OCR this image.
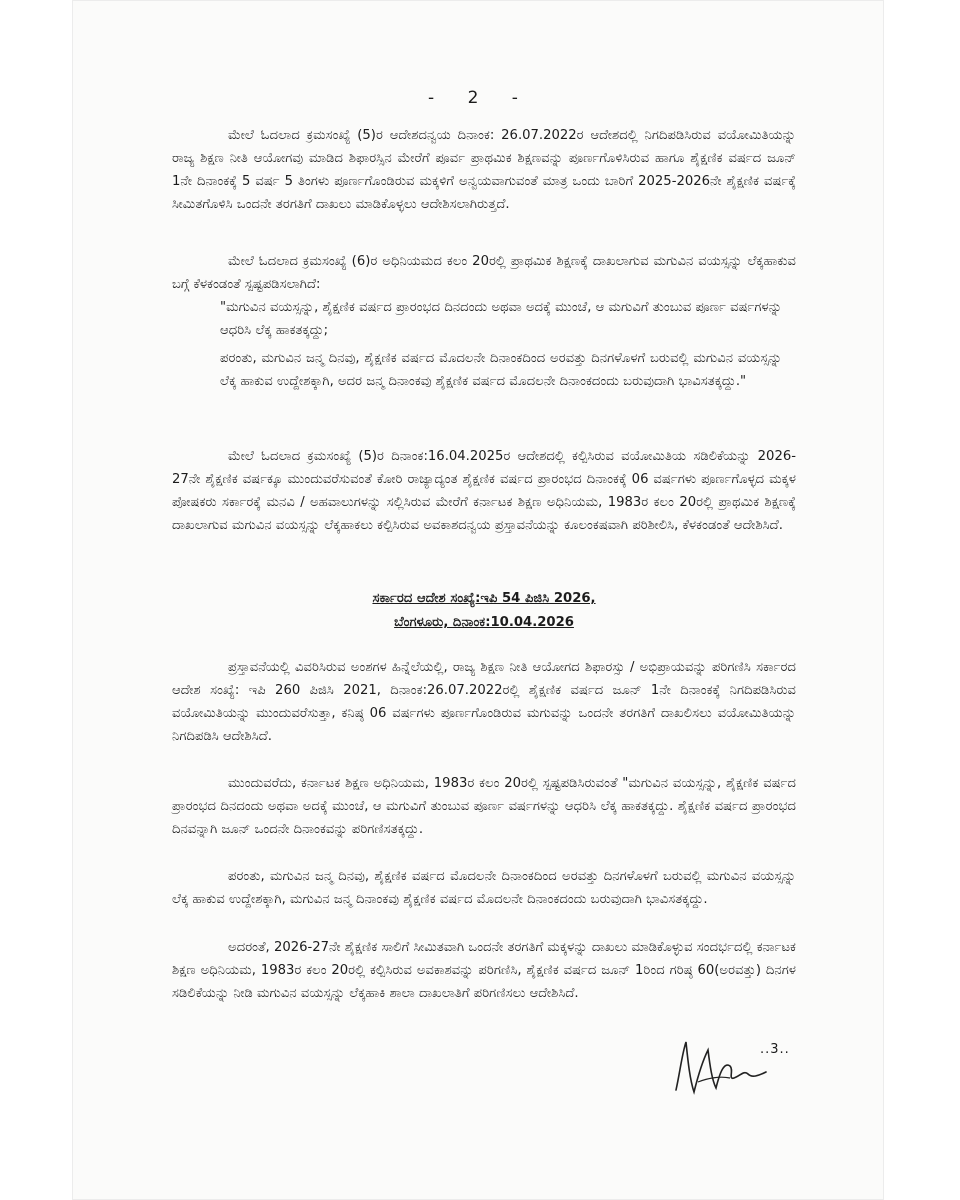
- 2 -

ಮೇಲೆ ಓದಲಾದ ಕ್ರಮಸಂಖ್ಯೆ (5)ರ ಆದೇಶದನ್ವಯ ದಿನಾಂಕ: 26.07.2022ರ ಆದೇಶದಲ್ಲಿ ನಿಗದಿಪಡಿಸಿರುವ ವಯೋಮಿತಿಯನ್ನು ರಾಜ್ಯ ಶಿಕ್ಷಣ ನೀತಿ ಆಯೋಗವು ಮಾಡಿದ ಶಿಫಾರಸ್ಸಿನ ಮೇರೆಗೆ ಪೂರ್ವ ಪ್ರಾಥಮಿಕ ಶಿಕ್ಷಣವನ್ನು ಪೂರ್ಣಗೊಳಿಸಿರುವ ಹಾಗೂ ಶೈಕ್ಷಣಿಕ ವರ್ಷದ ಜೂನ್ 1ನೇ ದಿನಾಂಕಕ್ಕೆ 5 ವರ್ಷ 5 ತಿಂಗಳು ಪೂರ್ಣಗೊಂಡಿರುವ ಮಕ್ಕಳಿಗೆ ಅನ್ವಯವಾಗುವಂತೆ ಮಾತ್ರ ಒಂದು ಬಾರಿಗೆ 2025-2026ನೇ ಶೈಕ್ಷಣಿಕ ವರ್ಷಕ್ಕೆ ಸೀಮಿತಗೊಳಿಸಿ ಒಂದನೇ ತರಗತಿಗೆ ದಾಖಲು ಮಾಡಿಕೊಳ್ಳಲು ಆದೇಶಿಸಲಾಗಿರುತ್ತದೆ.

ಮೇಲೆ ಓದಲಾದ ಕ್ರಮಸಂಖ್ಯೆ (6)ರ ಅಧಿನಿಯಮದ ಕಲಂ 20ರಲ್ಲಿ ಪ್ರಾಥಮಿಕ ಶಿಕ್ಷಣಕ್ಕೆ ದಾಖಲಾಗುವ ಮಗುವಿನ ವಯಸ್ಸನ್ನು ಲೆಕ್ಕಹಾಕುವ ಬಗ್ಗೆ ಕೆಳಕಂಡಂತೆ ಸ್ಪಷ್ಟಪಡಿಸಲಾಗಿದೆ:

"ಮಗುವಿನ ವಯಸ್ಸನ್ನು, ಶೈಕ್ಷಣಿಕ ವರ್ಷದ ಪ್ರಾರಂಭದ ದಿನದಂದು ಅಥವಾ ಅದಕ್ಕೆ ಮುಂಚೆ, ಆ ಮಗುವಿಗೆ ತುಂಬುವ ಪೂರ್ಣ ವರ್ಷಗಳನ್ನು ಆಧರಿಸಿ ಲೆಕ್ಕ ಹಾಕತಕ್ಕದ್ದು;

ಪರಂತು, ಮಗುವಿನ ಜನ್ಮ ದಿನವು, ಶೈಕ್ಷಣಿಕ ವರ್ಷದ ಮೊದಲನೇ ದಿನಾಂಕದಿಂದ ಅರವತ್ತು ದಿನಗಳೊಳಗೆ ಬರುವಲ್ಲಿ ಮಗುವಿನ ವಯಸ್ಸನ್ನು ಲೆಕ್ಕ ಹಾಕುವ ಉದ್ದೇಶಕ್ಕಾಗಿ, ಅದರ ಜನ್ಮ ದಿನಾಂಕವು ಶೈಕ್ಷಣಿಕ ವರ್ಷದ ಮೊದಲನೇ ದಿನಾಂಕದಂದು ಬರುವುದಾಗಿ ಭಾವಿಸತಕ್ಕದ್ದು."

ಮೇಲೆ ಓದಲಾದ ಕ್ರಮಸಂಖ್ಯೆ (5)ರ ದಿನಾಂಕ:16.04.2025ರ ಆದೇಶದಲ್ಲಿ ಕಲ್ಪಿಸಿರುವ ವಯೋಮಿತಿಯ ಸಡಿಲಿಕೆಯನ್ನು 2026-27ನೇ ಶೈಕ್ಷಣಿಕ ವರ್ಷಕ್ಕೂ ಮುಂದುವರೆಸುವಂತೆ ಕೋರಿ ರಾಜ್ಯಾದ್ಯಂತ ಶೈಕ್ಷಣಿಕ ವರ್ಷದ ಪ್ರಾರಂಭದ ದಿನಾಂಕಕ್ಕೆ 06 ವರ್ಷಗಳು ಪೂರ್ಣಗೊಳ್ಳದ ಮಕ್ಕಳ ಪೋಷಕರು ಸರ್ಕಾರಕ್ಕೆ ಮನವಿ / ಅಹವಾಲುಗಳನ್ನು ಸಲ್ಲಿಸಿರುವ ಮೇರೆಗೆ ಕರ್ನಾಟಕ ಶಿಕ್ಷಣ ಅಧಿನಿಯಮ, 1983ರ ಕಲಂ 20ರಲ್ಲಿ ಪ್ರಾಥಮಿಕ ಶಿಕ್ಷಣಕ್ಕೆ ದಾಖಲಾಗುವ ಮಗುವಿನ ವಯಸ್ಸನ್ನು ಲೆಕ್ಕಹಾಕಲು ಕಲ್ಪಿಸಿರುವ ಅವಕಾಶದನ್ವಯ ಪ್ರಸ್ತಾವನೆಯನ್ನು ಕೂಲಂಕಷವಾಗಿ ಪರಿಶೀಲಿಸಿ, ಕೆಳಕಂಡಂತೆ ಆದೇಶಿಸಿದೆ.

ಸರ್ಕಾರದ ಆದೇಶ ಸಂಖ್ಯೆ:ಇಪಿ 54 ಪಿಜಿಸಿ 2026,
ಬೆಂಗಳೂರು, ದಿನಾಂಕ:10.04.2026

ಪ್ರಸ್ತಾವನೆಯಲ್ಲಿ ವಿವರಿಸಿರುವ ಅಂಶಗಳ ಹಿನ್ನೆಲೆಯಲ್ಲಿ, ರಾಜ್ಯ ಶಿಕ್ಷಣ ನೀತಿ ಆಯೋಗದ ಶಿಫಾರಸ್ಸು / ಅಭಿಪ್ರಾಯವನ್ನು ಪರಿಗಣಿಸಿ ಸರ್ಕಾರದ ಆದೇಶ ಸಂಖ್ಯೆ: ಇಪಿ 260 ಪಿಜಿಸಿ 2021, ದಿನಾಂಕ:26.07.2022ರಲ್ಲಿ ಶೈಕ್ಷಣಿಕ ವರ್ಷದ ಜೂನ್ 1ನೇ ದಿನಾಂಕಕ್ಕೆ ನಿಗದಿಪಡಿಸಿರುವ ವಯೋಮಿತಿಯನ್ನು ಮುಂದುವರೆಸುತ್ತಾ, ಕನಿಷ್ಠ 06 ವರ್ಷಗಳು ಪೂರ್ಣಗೊಂಡಿರುವ ಮಗುವನ್ನು ಒಂದನೇ ತರಗತಿಗೆ ದಾಖಲಿಸಲು ವಯೋಮಿತಿಯನ್ನು ನಿಗದಿಪಡಿಸಿ ಆದೇಶಿಸಿದೆ.

ಮುಂದುವರೆದು, ಕರ್ನಾಟಕ ಶಿಕ್ಷಣ ಅಧಿನಿಯಮ, 1983ರ ಕಲಂ 20ರಲ್ಲಿ ಸ್ಪಷ್ಟಪಡಿಸಿರುವಂತೆ "ಮಗುವಿನ ವಯಸ್ಸನ್ನು, ಶೈಕ್ಷಣಿಕ ವರ್ಷದ ಪ್ರಾರಂಭದ ದಿನದಂದು ಅಥವಾ ಅದಕ್ಕೆ ಮುಂಚೆ, ಆ ಮಗುವಿಗೆ ತುಂಬುವ ಪೂರ್ಣ ವರ್ಷಗಳನ್ನು ಆಧರಿಸಿ ಲೆಕ್ಕ ಹಾಕತಕ್ಕದ್ದು. ಶೈಕ್ಷಣಿಕ ವರ್ಷದ ಪ್ರಾರಂಭದ ದಿನವನ್ನಾಗಿ ಜೂನ್ ಒಂದನೇ ದಿನಾಂಕವನ್ನು ಪರಿಗಣಿಸತಕ್ಕದ್ದು.

ಪರಂತು, ಮಗುವಿನ ಜನ್ಮ ದಿನವು, ಶೈಕ್ಷಣಿಕ ವರ್ಷದ ಮೊದಲನೇ ದಿನಾಂಕದಿಂದ ಅರವತ್ತು ದಿನಗಳೊಳಗೆ ಬರುವಲ್ಲಿ ಮಗುವಿನ ವಯಸ್ಸನ್ನು ಲೆಕ್ಕ ಹಾಕುವ ಉದ್ದೇಶಕ್ಕಾಗಿ, ಮಗುವಿನ ಜನ್ಮ ದಿನಾಂಕವು ಶೈಕ್ಷಣಿಕ ವರ್ಷದ ಮೊದಲನೇ ದಿನಾಂಕದಂದು ಬರುವುದಾಗಿ ಭಾವಿಸತಕ್ಕದ್ದು.

ಅದರಂತೆ, 2026-27ನೇ ಶೈಕ್ಷಣಿಕ ಸಾಲಿಗೆ ಸೀಮಿತವಾಗಿ ಒಂದನೇ ತರಗತಿಗೆ ಮಕ್ಕಳನ್ನು ದಾಖಲು ಮಾಡಿಕೊಳ್ಳುವ ಸಂದರ್ಭದಲ್ಲಿ ಕರ್ನಾಟಕ ಶಿಕ್ಷಣ ಅಧಿನಿಯಮ, 1983ರ ಕಲಂ 20ರಲ್ಲಿ ಕಲ್ಪಿಸಿರುವ ಅವಕಾಶವನ್ನು ಪರಿಗಣಿಸಿ, ಶೈಕ್ಷಣಿಕ ವರ್ಷದ ಜೂನ್ 1ರಿಂದ ಗರಿಷ್ಠ 60(ಅರವತ್ತು) ದಿನಗಳ ಸಡಿಲಿಕೆಯನ್ನು ನೀಡಿ ಮಗುವಿನ ವಯಸ್ಸನ್ನು ಲೆಕ್ಕಹಾಕಿ ಶಾಲಾ ದಾಖಲಾತಿಗೆ ಪರಿಗಣಿಸಲು ಆದೇಶಿಸಿದೆ.

..3..
